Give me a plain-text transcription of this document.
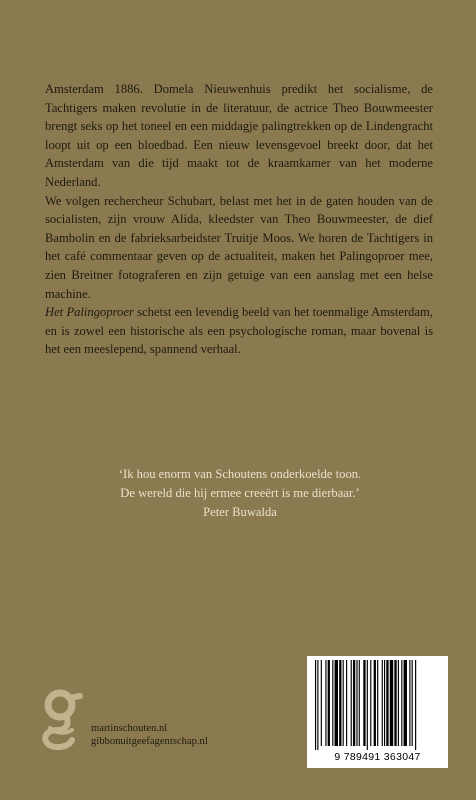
Amsterdam 1886. Domela Nieuwenhuis predikt het socialisme, de Tachtigers maken revolutie in de literatuur, de actrice Theo Bouwmeester brengt seks op het toneel en een middagje palingtrekken op de Lindengracht loopt uit op een bloedbad. Een nieuw levensgevoel breekt door, dat het Amsterdam van die tijd maakt tot de kraamkamer van het moderne Nederland.

We volgen rechercheur Schubart, belast met het in de gaten houden van de socialisten, zijn vrouw Alida, kleedster van Theo Bouwmeester, de dief Bambolin en de fabrieksarbeidster Truitje Moos. We horen de Tachtigers in het café commentaar geven op de actualiteit, maken het Palingoproer mee, zien Breitner fotograferen en zijn getuige van een aanslag met een helse machine.

Het Palingoproer schetst een levendig beeld van het toenmalige Amsterdam, en is zowel een historische als een psychologische roman, maar bovenal is het een meeslepend, spannend verhaal.

‘Ik hou enorm van Schoutens onderkoelde toon.
De wereld die hij ermee creeërt is me dierbaar.’
Peter Buwalda
martinschouten.nl
gibbonuitgeefagentschap.nl
9 789491 363047
